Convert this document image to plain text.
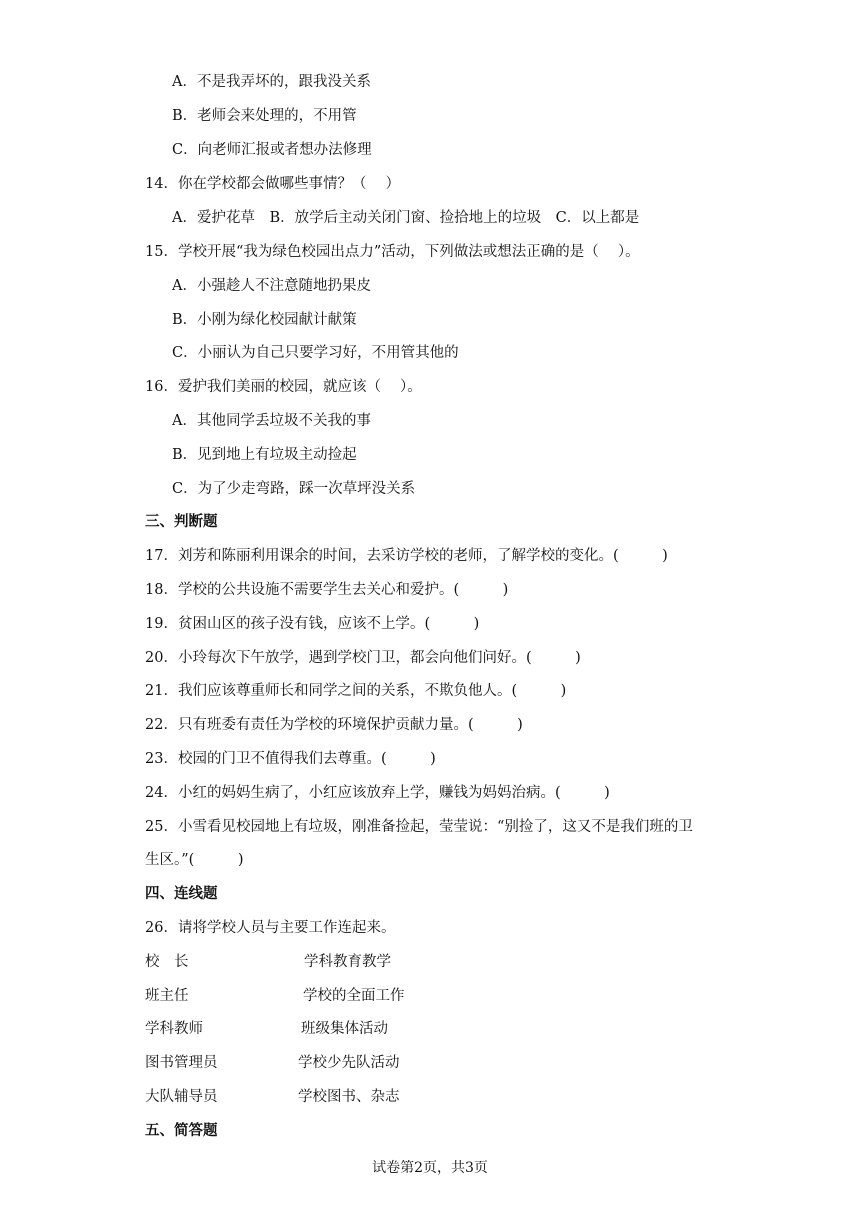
A．不是我弄坏的，跟我没关系
B．老师会来处理的，不用管
C．向老师汇报或者想办法修理
14．你在学校都会做哪些事情？（　 ）
A．爱护花草　B．放学后主动关闭门窗、捡拾地上的垃圾　C．以上都是
15．学校开展“我为绿色校园出点力”活动，下列做法或想法正确的是（　 ）。
A．小强趁人不注意随地扔果皮
B．小刚为绿化校园献计献策
C．小丽认为自己只要学习好，不用管其他的
16．爱护我们美丽的校园，就应该（　 ）。
A．其他同学丢垃圾不关我的事
B．见到地上有垃圾主动捡起
C．为了少走弯路，踩一次草坪没关系
三、判断题
17．刘芳和陈丽利用课余的时间，去采访学校的老师，了解学校的变化。(　　　)
18．学校的公共设施不需要学生去关心和爱护。(　　　)
19．贫困山区的孩子没有钱，应该不上学。(　　　)
20．小玲每次下午放学，遇到学校门卫，都会向他们问好。(　　　)
21．我们应该尊重师长和同学之间的关系，不欺负他人。(　　　)
22．只有班委有责任为学校的环境保护贡献力量。(　　　)
23．校园的门卫不值得我们去尊重。(　　　)
24．小红的妈妈生病了，小红应该放弃上学，赚钱为妈妈治病。(　　　)
25．小雪看见校园地上有垃圾，刚准备捡起，莹莹说：“别捡了，这又不是我们班的卫
生区。”(　　　)
四、连线题
26．请将学校人员与主要工作连起来。
校　长	学科教育教学
班主任	学校的全面工作
学科教师	班级集体活动
图书管理员	学校少先队活动
大队辅导员	学校图书、杂志
五、简答题
试卷第2页，共3页
